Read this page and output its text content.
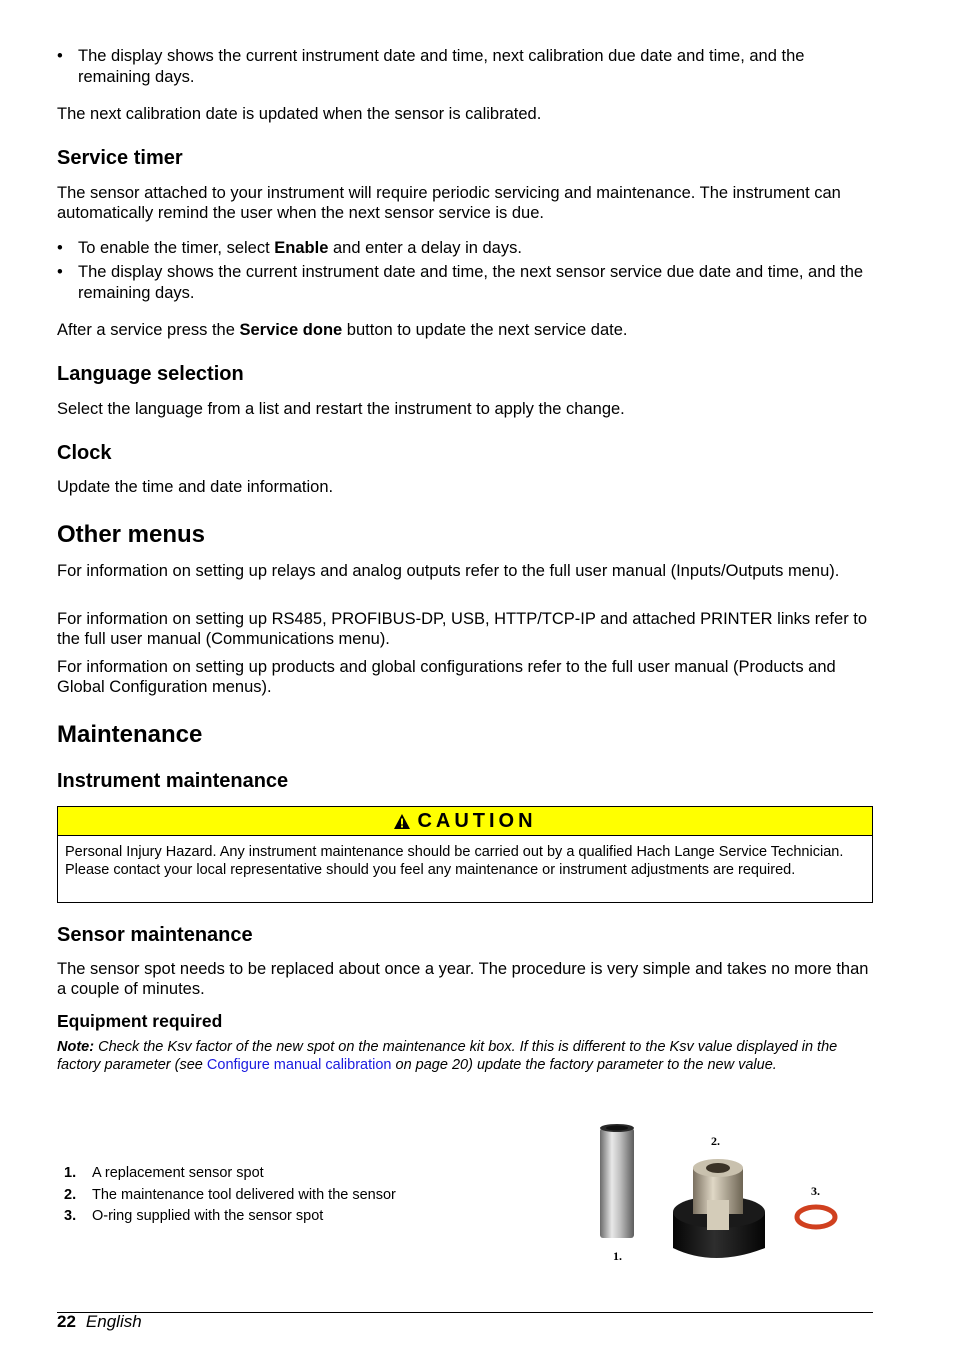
• The display shows the current instrument date and time, next calibration due date and time, and the remaining days.

The next calibration date is updated when the sensor is calibrated.

Service timer

The sensor attached to your instrument will require periodic servicing and maintenance. The instrument can automatically remind the user when the next sensor service is due.

• To enable the timer, select Enable and enter a delay in days.
• The display shows the current instrument date and time, the next sensor service due date and time, and the remaining days.

After a service press the Service done button to update the next service date.

Language selection

Select the language from a list and restart the instrument to apply the change.

Clock

Update the time and date information.

Other menus

For information on setting up relays and analog outputs refer to the full user manual (Inputs/Outputs menu).

For information on setting up RS485, PROFIBUS-DP, USB, HTTP/TCP-IP and attached PRINTER links refer to the full user manual (Communications menu).

For information on setting up products and global configurations refer to the full user manual (Products and Global Configuration menus).

Maintenance
Instrument maintenance
CAUTION
Personal Injury Hazard. Any instrument maintenance should be carried out by a qualified Hach Lange Service Technician. Please contact your local representative should you feel any maintenance or instrument adjustments are required.
Sensor maintenance

The sensor spot needs to be replaced about once a year. The procedure is very simple and takes no more than a couple of minutes.

Equipment required

Note: Check the Ksv factor of the new spot on the maintenance kit box. If this is different to the Ksv value displayed in the factory parameter (see Configure manual calibration on page 20) update the factory parameter to the new value.

1. A replacement sensor spot
2. The maintenance tool delivered with the sensor
3. O-ring supplied with the sensor spot
1.
2.
3.
22 English
